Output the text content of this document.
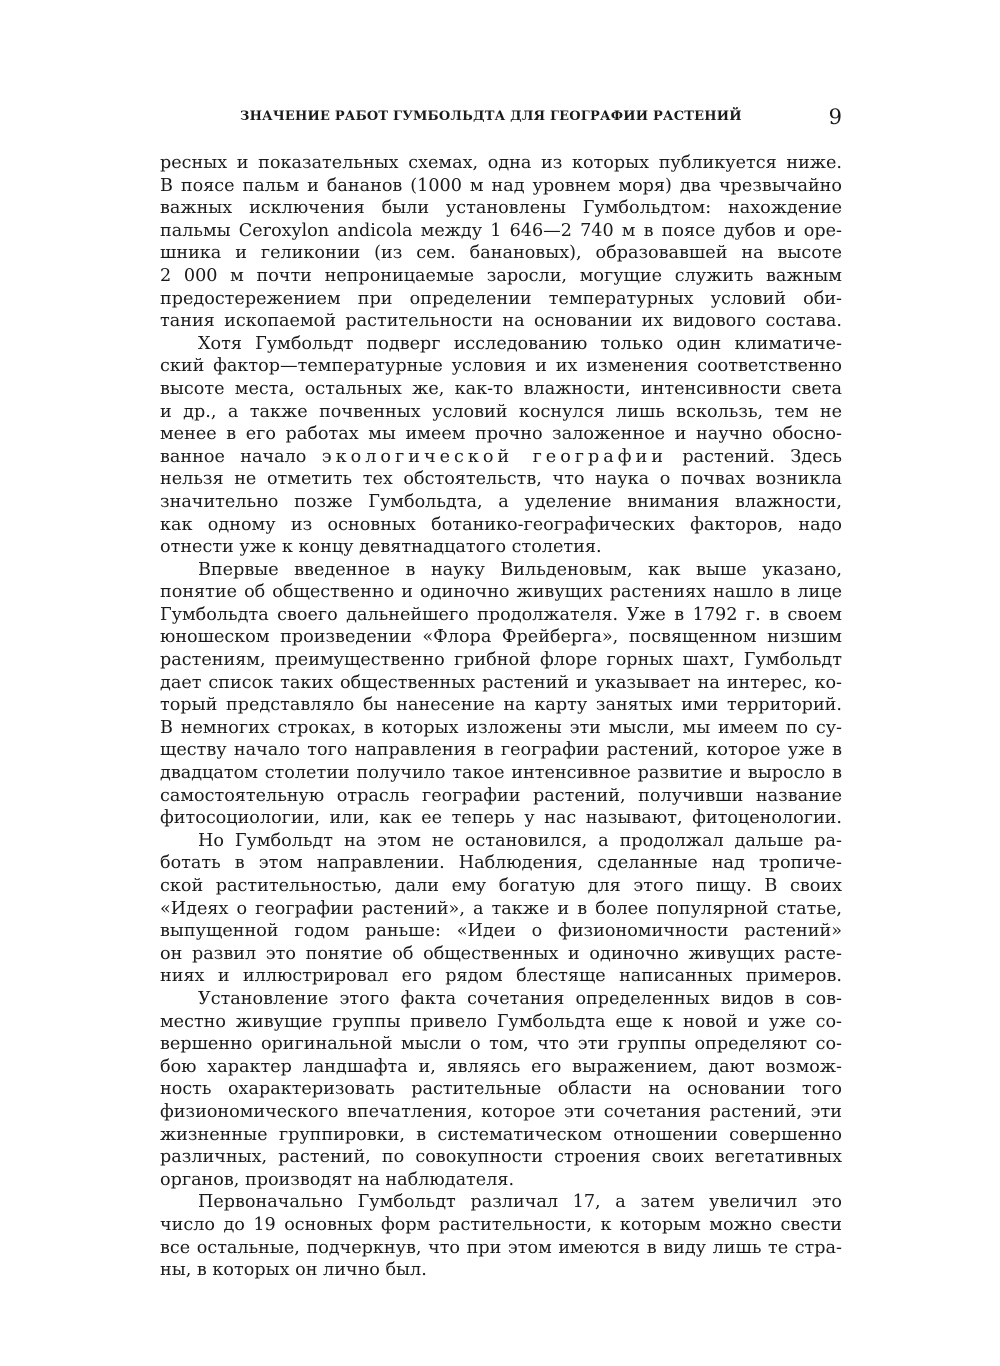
ЗНАЧЕНИЕ РАБОТ ГУМБОЛЬДТА ДЛЯ ГЕОГРАФИИ РАСТЕНИЙ	9
ресных и показательных схемах, одна из которых публикуется ниже.
В поясе пальм и бананов (1000 м над уровнем моря) два чрезвычайно
важных исключения были установлены Гумбольдтом: нахождение
пальмы Ceroxylon andicola между 1 646—2 740 м в поясе дубов и оре-
шника и геликонии (из сем. банановых), образовавшей на высоте
2 000 м почти непроницаемые заросли, могущие служить важным
предостережением при определении температурных условий оби-
тания ископаемой растительности на основании их видового состава.
Хотя Гумбольдт подверг исследованию только один климатиче-
ский фактор—температурные условия и их изменения соответственно
высоте места, остальных же, как-то влажности, интенсивности света
и др., а также почвенных условий коснулся лишь вскользь, тем не
менее в его работах мы имеем прочно заложенное и научно обосно-
ванное начало экологической географии растений. Здесь
нельзя не отметить тех обстоятельств, что наука о почвах возникла
значительно позже Гумбольдта, а уделение внимания влажности,
как одному из основных ботанико-географических факторов, надо
отнести уже к концу девятнадцатого столетия.
Впервые введенное в науку Вильденовым, как выше указано,
понятие об общественно и одиночно живущих растениях нашло в лице
Гумбольдта своего дальнейшего продолжателя. Уже в 1792 г. в своем
юношеском произведении «Флора Фрейберга», посвященном низшим
растениям, преимущественно грибной флоре горных шахт, Гумбольдт
дает список таких общественных растений и указывает на интерес, ко-
торый представляло бы нанесение на карту занятых ими территорий.
В немногих строках, в которых изложены эти мысли, мы имеем по су-
ществу начало того направления в географии растений, которое уже в
двадцатом столетии получило такое интенсивное развитие и выросло в
самостоятельную отрасль географии растений, получивши название
фитосоциологии, или, как ее теперь у нас называют, фитоценологии.
Но Гумбольдт на этом не остановился, а продолжал дальше ра-
ботать в этом направлении. Наблюдения, сделанные над тропиче-
ской растительностью, дали ему богатую для этого пищу. В своих
«Идеях о географии растений», а также и в более популярной статье,
выпущенной годом раньше: «Идеи о физиономичности растений»
он развил это понятие об общественных и одиночно живущих расте-
ниях и иллюстрировал его рядом блестяще написанных примеров.
Установление этого факта сочетания определенных видов в сов-
местно живущие группы привело Гумбольдта еще к новой и уже со-
вершенно оригинальной мысли о том, что эти группы определяют со-
бою характер ландшафта и, являясь его выражением, дают возмож-
ность охарактеризовать растительные области на основании того
физиономического впечатления, которое эти сочетания растений, эти
жизненные группировки, в систематическом отношении совершенно
различных, растений, по совокупности строения своих вегетативных
органов, производят на наблюдателя.
Первоначально Гумбольдт различал 17, а затем увеличил это
число до 19 основных форм растительности, к которым можно свести
все остальные, подчеркнув, что при этом имеются в виду лишь те стра-
ны, в которых он лично был.
